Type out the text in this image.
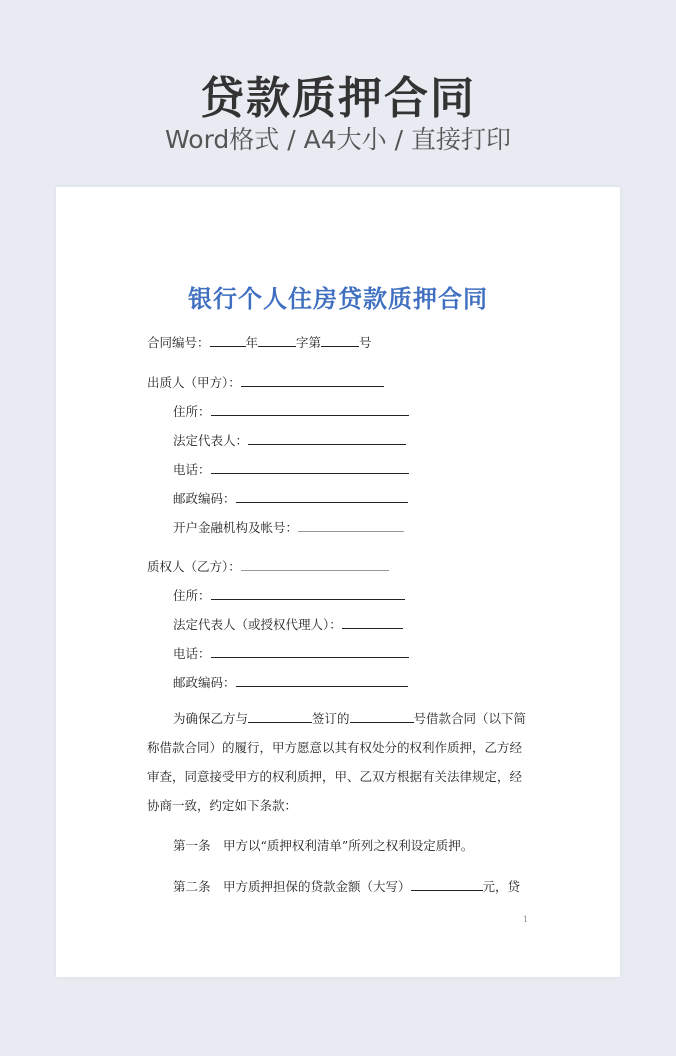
贷款质押合同
Word格式 / A4大小 / 直接打印
银行个人住房贷款质押合同
合同编号：	年	字第	号
出质人（甲方）：
住所：
法定代表人：
电话：
邮政编码：
开户金融机构及帐号：
质权人（乙方）：
住所：
法定代表人（或授权代理人）：
电话：
邮政编码：
为确保乙方与	签订的	号借款合同（以下简称借款合同）的履行，甲方愿意以其有权处分的权利作质押，乙方经审查，同意接受甲方的权利质押，甲、乙双方根据有关法律规定，经协商一致，约定如下条款：
第一条　甲方以“质押权利清单”所列之权利设定质押。
第二条　甲方质押担保的贷款金额（大写）	元，贷
1
